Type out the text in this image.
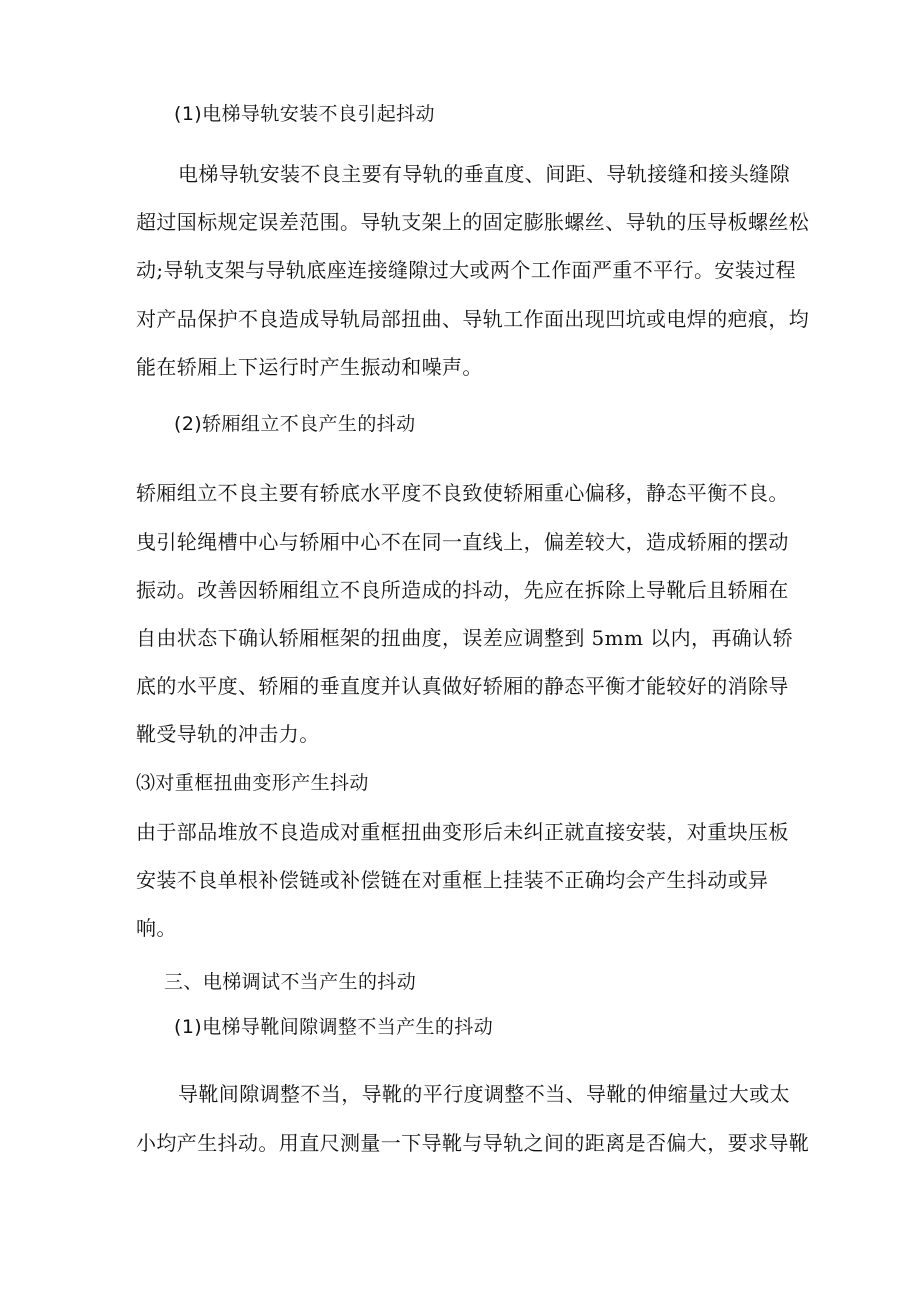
(1)电梯导轨安装不良引起抖动
电梯导轨安装不良主要有导轨的垂直度、间距、导轨接缝和接头缝隙
超过国标规定误差范围。导轨支架上的固定膨胀螺丝、导轨的压导板螺丝松
动;导轨支架与导轨底座连接缝隙过大或两个工作面严重不平行。安装过程
对产品保护不良造成导轨局部扭曲、导轨工作面出现凹坑或电焊的疤痕，均
能在轿厢上下运行时产生振动和噪声。
(2)轿厢组立不良产生的抖动
轿厢组立不良主要有轿底水平度不良致使轿厢重心偏移，静态平衡不良。
曳引轮绳槽中心与轿厢中心不在同一直线上，偏差较大，造成轿厢的摆动
振动。改善因轿厢组立不良所造成的抖动，先应在拆除上导靴后且轿厢在
自由状态下确认轿厢框架的扭曲度，误差应调整到 5mm 以内，再确认轿
底的水平度、轿厢的垂直度并认真做好轿厢的静态平衡才能较好的消除导
靴受导轨的冲击力。
⑶对重框扭曲变形产生抖动
由于部品堆放不良造成对重框扭曲变形后未纠正就直接安装，对重块压板
安装不良单根补偿链或补偿链在对重框上挂装不正确均会产生抖动或异
响。
三、电梯调试不当产生的抖动
(1)电梯导靴间隙调整不当产生的抖动
导靴间隙调整不当，导靴的平行度调整不当、导靴的伸缩量过大或太
小均产生抖动。用直尺测量一下导靴与导轨之间的距离是否偏大，要求导靴
